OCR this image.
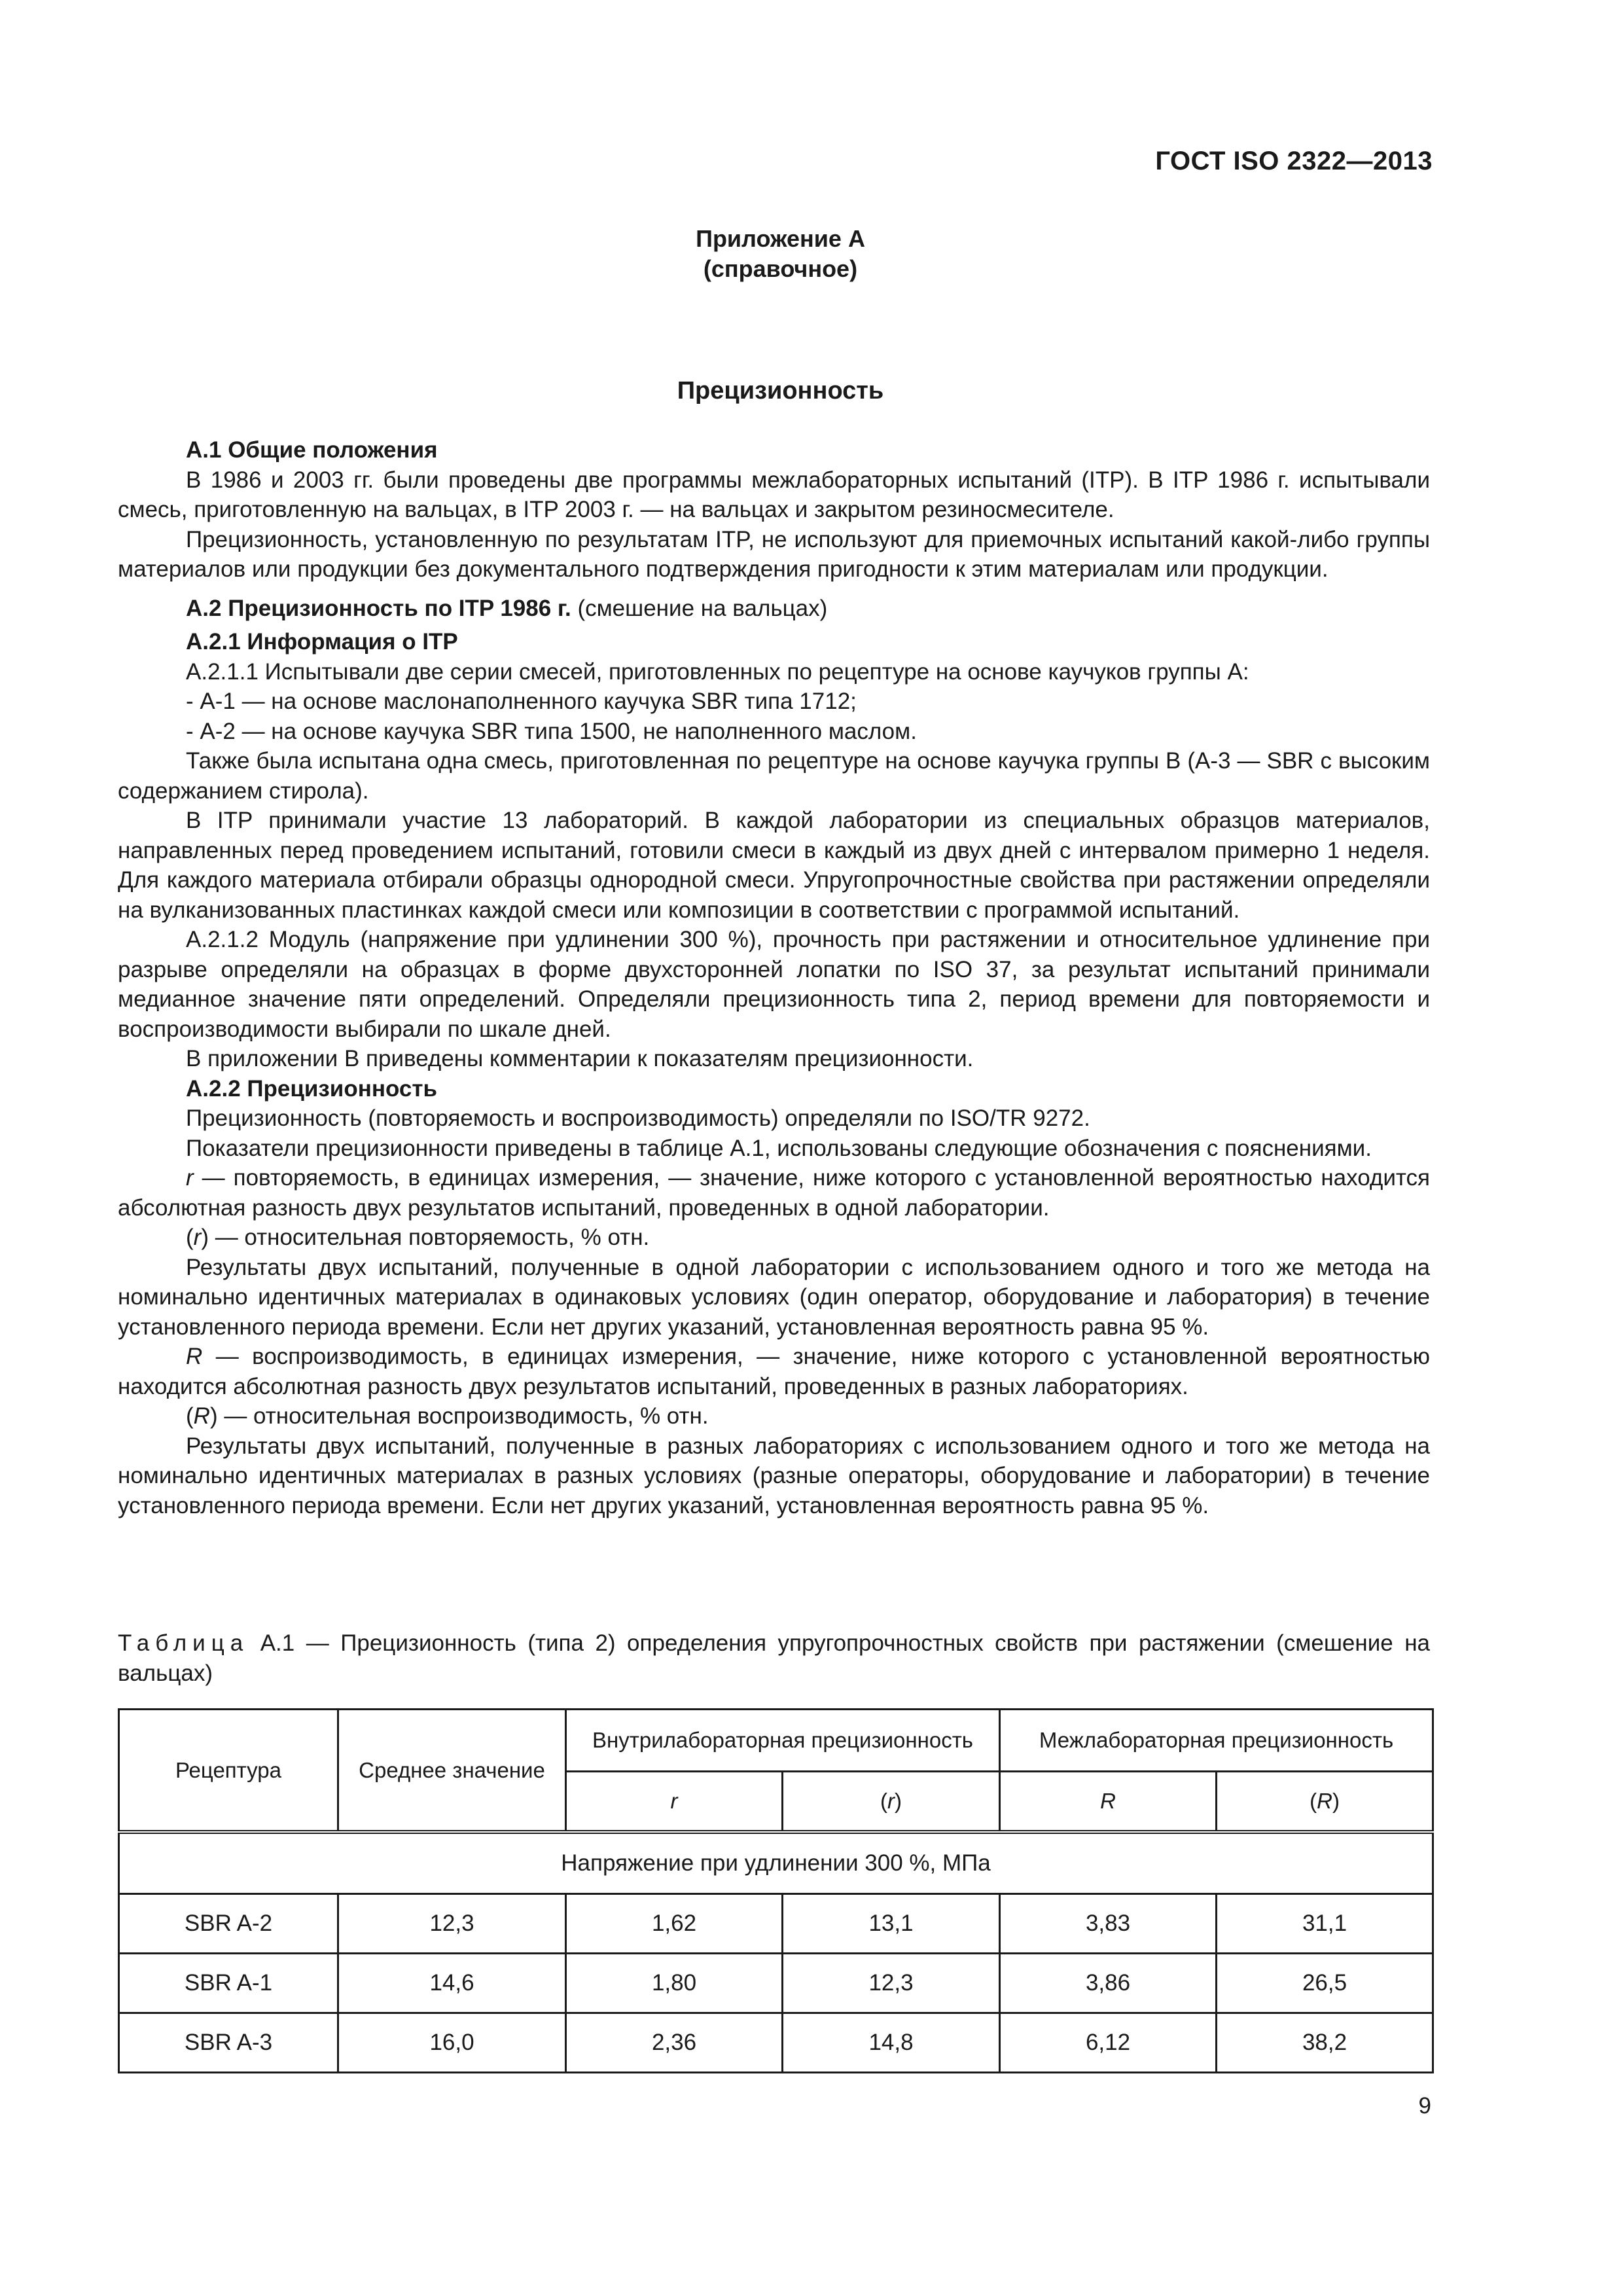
ГОСТ ISO 2322—2013
Приложение А
(справочное)
Прецизионность

А.1 Общие положения

В 1986 и 2003 гг. были проведены две программы межлабораторных испытаний (ITP). В ITP 1986 г. испытывали смесь, приготовленную на вальцах, в ITP 2003 г. — на вальцах и закрытом резиносмесителе.

Прецизионность, установленную по результатам ITP, не используют для приемочных испытаний какой-либо группы материалов или продукции без документального подтверждения пригодности к этим материалам или продукции.

А.2 Прецизионность по ITP 1986 г. (смешение на вальцах)

А.2.1 Информация о ITP

А.2.1.1 Испытывали две серии смесей, приготовленных по рецептуре на основе каучуков группы А:

- А-1 — на основе маслонаполненного каучука SBR типа 1712;

- А-2 — на основе каучука SBR типа 1500, не наполненного маслом.

Также была испытана одна смесь, приготовленная по рецептуре на основе каучука группы В (А-3 — SBR с высоким содержанием стирола).

В ITP принимали участие 13 лабораторий. В каждой лаборатории из специальных образцов материалов, направленных перед проведением испытаний, готовили смеси в каждый из двух дней с интервалом примерно 1 неделя. Для каждого материала отбирали образцы однородной смеси. Упругопрочностные свойства при растяжении определяли на вулканизованных пластинках каждой смеси или композиции в соответствии с программой испытаний.

А.2.1.2 Модуль (напряжение при удлинении 300 %), прочность при растяжении и относительное удлинение при разрыве определяли на образцах в форме двухсторонней лопатки по ISO 37, за результат испытаний принимали медианное значение пяти определений. Определяли прецизионность типа 2, период времени для повторяемости и воспроизводимости выбирали по шкале дней.

В приложении В приведены комментарии к показателям прецизионности.

А.2.2 Прецизионность

Прецизионность (повторяемость и воспроизводимость) определяли по ISO/TR 9272.

Показатели прецизионности приведены в таблице А.1, использованы следующие обозначения с пояснениями.

r — повторяемость, в единицах измерения, — значение, ниже которого с установленной вероятностью находится абсолютная разность двух результатов испытаний, проведенных в одной лаборатории.

(r) — относительная повторяемость, % отн.

Результаты двух испытаний, полученные в одной лаборатории с использованием одного и того же метода на номинально идентичных материалах в одинаковых условиях (один оператор, оборудование и лаборатория) в течение установленного периода времени. Если нет других указаний, установленная вероятность равна 95 %.

R — воспроизводимость, в единицах измерения, — значение, ниже которого с установленной вероятностью находится абсолютная разность двух результатов испытаний, проведенных в разных лабораториях.

(R) — относительная воспроизводимость, % отн.

Результаты двух испытаний, полученные в разных лабораториях с использованием одного и того же метода на номинально идентичных материалах в разных условиях (разные операторы, оборудование и лаборатории) в течение установленного периода времени. Если нет других указаний, установленная вероятность равна 95 %.

Таблица А.1 — Прецизионность (типа 2) определения упругопрочностных свойств при растяжении (смешение на вальцах)
Рецептура	Среднее значение	Внутрилабораторная прецизионность		Межлабораторная прецизионность	
		r	(r)	R	(R)
Напряжение при удлинении 300 %, МПа					
SBR A-2	12,3	1,62	13,1	3,83	31,1
SBR A-1	14,6	1,80	12,3	3,86	26,5
SBR A-3	16,0	2,36	14,8	6,12	38,2
9
